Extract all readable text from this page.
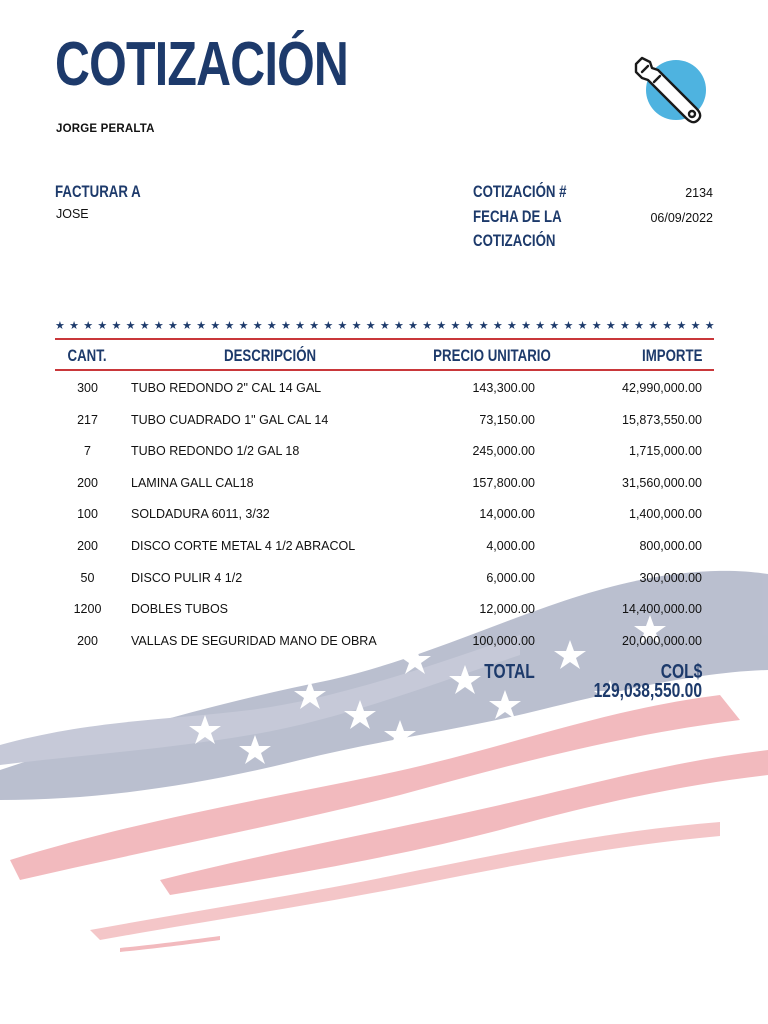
COTIZACIÓN
JORGE PERALTA
FACTURAR A
JOSE
COTIZACIÓN #	2134
FECHA DE LA
COTIZACIÓN
06/09/2022
★ ★ ★ ★ ★ ★ ★ ★ ★ ★ ★ ★ ★ ★ ★ ★ ★ ★ ★ ★ ★ ★ ★ ★ ★ ★ ★ ★ ★ ★ ★ ★ ★ ★ ★ ★ ★ ★ ★ ★ ★ ★ ★ ★ ★ ★ ★
CANT.	DESCRIPCIÓN	PRECIO UNITARIO	IMPORTE
300	TUBO REDONDO 2" CAL 14 GAL	143,300.00	42,990,000.00
217	TUBO CUADRADO 1" GAL CAL 14	73,150.00	15,873,550.00
7	TUBO REDONDO 1/2 GAL 18	245,000.00	1,715,000.00
200	LAMINA GALL CAL18	157,800.00	31,560,000.00
100	SOLDADURA 6011, 3/32	14,000.00	1,400,000.00
200	DISCO CORTE METAL 4 1/2 ABRACOL	4,000.00	800,000.00
50	DISCO PULIR 4 1/2	6,000.00	300,000.00
1200	DOBLES TUBOS	12,000.00	14,400,000.00
200	VALLAS DE SEGURIDAD MANO DE OBRA	100,000.00	20,000,000.00
TOTAL	COL$
129,038,550.00
